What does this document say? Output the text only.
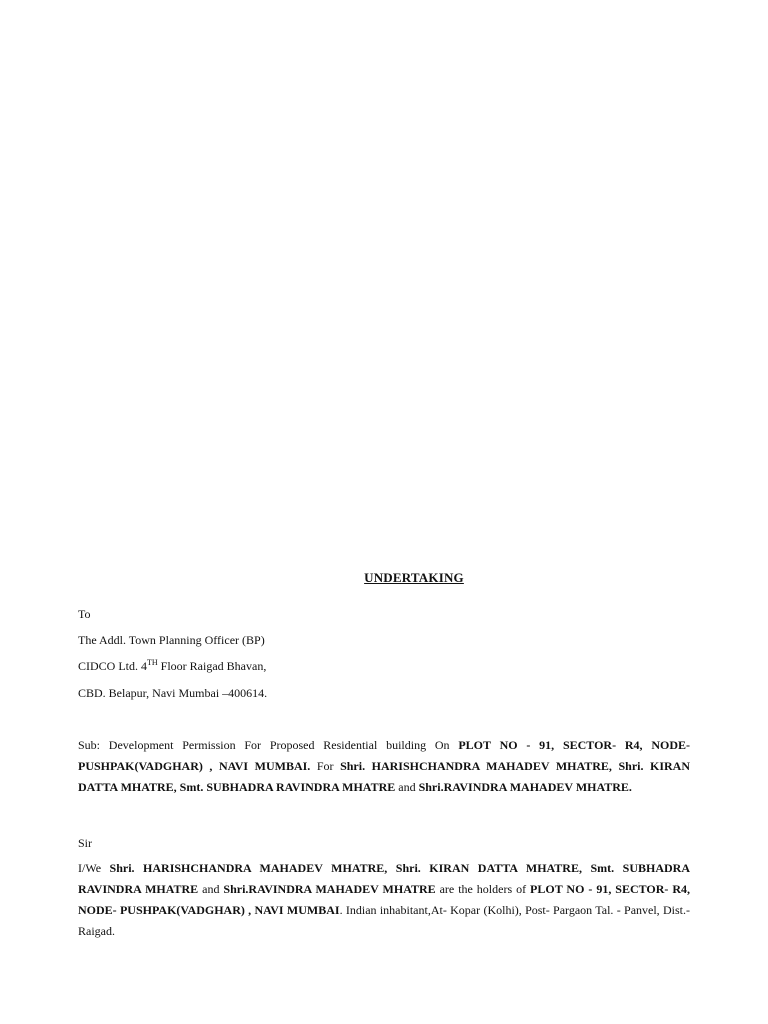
UNDERTAKING
To
The Addl. Town Planning Officer (BP)
CIDCO Ltd. 4TH Floor Raigad Bhavan,
CBD. Belapur, Navi Mumbai –400614.
Sub: Development Permission For Proposed Residential building On PLOT NO - 91, SECTOR- R4, NODE- PUSHPAK(VADGHAR) , NAVI MUMBAI. For Shri. HARISHCHANDRA MAHADEV MHATRE, Shri. KIRAN DATTA MHATRE, Smt. SUBHADRA RAVINDRA MHATRE and Shri.RAVINDRA MAHADEV MHATRE.
Sir
I/We Shri. HARISHCHANDRA MAHADEV MHATRE, Shri. KIRAN DATTA MHATRE, Smt. SUBHADRA RAVINDRA MHATRE and Shri.RAVINDRA MAHADEV MHATRE are the holders of PLOT NO - 91, SECTOR- R4, NODE- PUSHPAK(VADGHAR) , NAVI MUMBAI. Indian inhabitant,At- Kopar (Kolhi), Post- Pargaon Tal. - Panvel, Dist.- Raigad.
